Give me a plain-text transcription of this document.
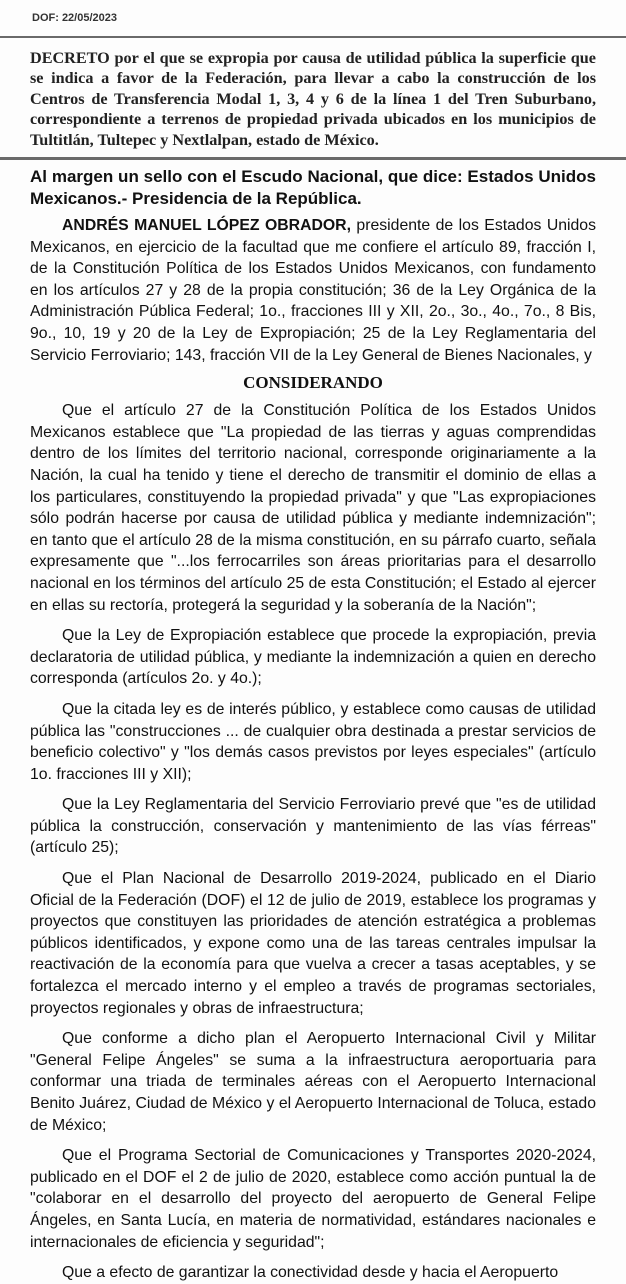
DOF: 22/05/2023
DECRETO por el que se expropia por causa de utilidad pública la superficie que se indica a favor de la Federación, para llevar a cabo la construcción de los Centros de Transferencia Modal 1, 3, 4 y 6 de la línea 1 del Tren Suburbano, correspondiente a terrenos de propiedad privada ubicados en los municipios de Tultitlán, Tultepec y Nextlalpan, estado de México.
Al margen un sello con el Escudo Nacional, que dice: Estados Unidos Mexicanos.- Presidencia de la República.

ANDRÉS MANUEL LÓPEZ OBRADOR, presidente de los Estados Unidos Mexicanos, en ejercicio de la facultad que me confiere el artículo 89, fracción I, de la Constitución Política de los Estados Unidos Mexicanos, con fundamento en los artículos 27 y 28 de la propia constitución; 36 de la Ley Orgánica de la Administración Pública Federal; 1o., fracciones III y XII, 2o., 3o., 4o., 7o., 8 Bis, 9o., 10, 19 y 20 de la Ley de Expropiación; 25 de la Ley Reglamentaria del Servicio Ferroviario; 143, fracción VII de la Ley General de Bienes Nacionales, y

CONSIDERANDO

Que el artículo 27 de la Constitución Política de los Estados Unidos Mexicanos establece que "La propiedad de las tierras y aguas comprendidas dentro de los límites del territorio nacional, corresponde originariamente a la Nación, la cual ha tenido y tiene el derecho de transmitir el dominio de ellas a los particulares, constituyendo la propiedad privada" y que "Las expropiaciones sólo podrán hacerse por causa de utilidad pública y mediante indemnización"; en tanto que el artículo 28 de la misma constitución, en su párrafo cuarto, señala expresamente que "...los ferrocarriles son áreas prioritarias para el desarrollo nacional en los términos del artículo 25 de esta Constitución; el Estado al ejercer en ellas su rectoría, protegerá la seguridad y la soberanía de la Nación";

Que la Ley de Expropiación establece que procede la expropiación, previa declaratoria de utilidad pública, y mediante la indemnización a quien en derecho corresponda (artículos 2o. y 4o.);

Que la citada ley es de interés público, y establece como causas de utilidad pública las "construcciones ... de cualquier obra destinada a prestar servicios de beneficio colectivo" y "los demás casos previstos por leyes especiales" (artículo 1o. fracciones III y XII);

Que la Ley Reglamentaria del Servicio Ferroviario prevé que "es de utilidad pública la construcción, conservación y mantenimiento de las vías férreas" (artículo 25);

Que el Plan Nacional de Desarrollo 2019-2024, publicado en el Diario Oficial de la Federación (DOF) el 12 de julio de 2019, establece los programas y proyectos que constituyen las prioridades de atención estratégica a problemas públicos identificados, y expone como una de las tareas centrales impulsar la reactivación de la economía para que vuelva a crecer a tasas aceptables, y se fortalezca el mercado interno y el empleo a través de programas sectoriales, proyectos regionales y obras de infraestructura;

Que conforme a dicho plan el Aeropuerto Internacional Civil y Militar "General Felipe Ángeles" se suma a la infraestructura aeroportuaria para conformar una triada de terminales aéreas con el Aeropuerto Internacional Benito Juárez, Ciudad de México y el Aeropuerto Internacional de Toluca, estado de México;

Que el Programa Sectorial de Comunicaciones y Transportes 2020-2024, publicado en el DOF el 2 de julio de 2020, establece como acción puntual la de "colaborar en el desarrollo del proyecto del aeropuerto de General Felipe Ángeles, en Santa Lucía, en materia de normatividad, estándares nacionales e internacionales de eficiencia y seguridad";

Que a efecto de garantizar la conectividad desde y hacia el Aeropuerto
